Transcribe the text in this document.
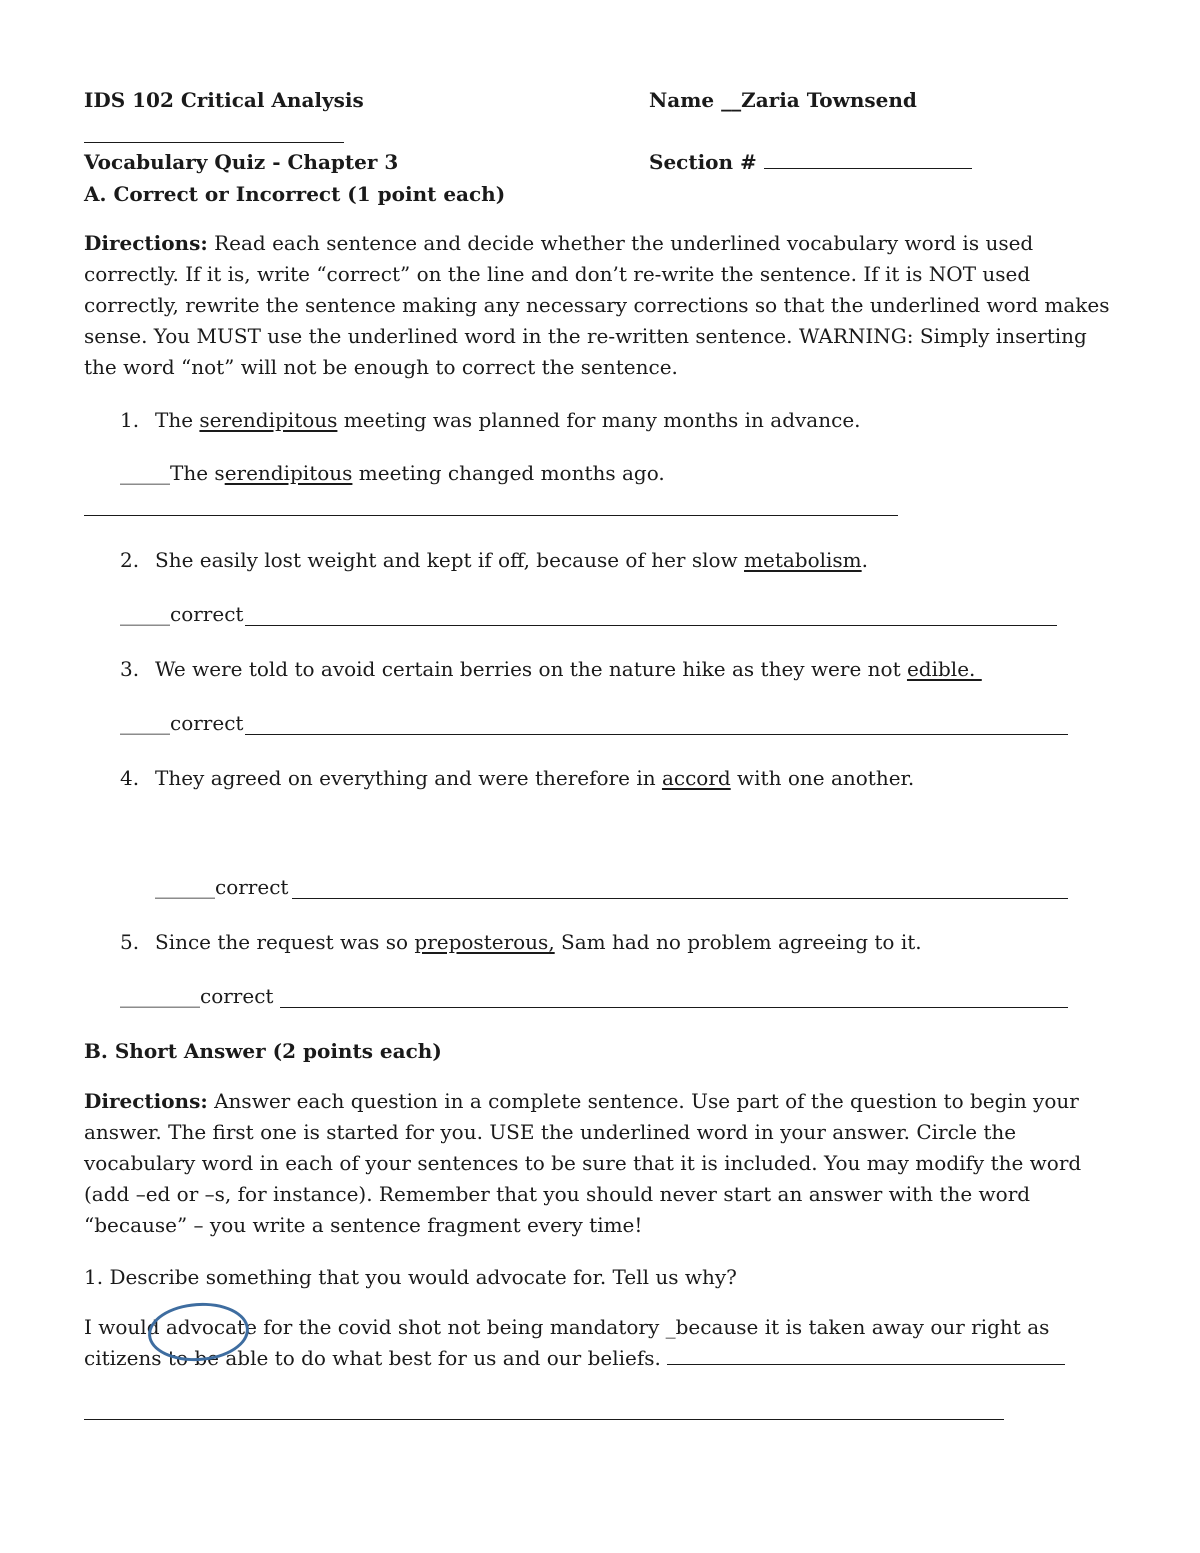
IDS 102 Critical Analysis	Name __Zaria Townsend
Vocabulary Quiz - Chapter 3	Section #
A. Correct or Incorrect (1 point each)
Directions: Read each sentence and decide whether the underlined vocabulary word is used correctly. If it is, write “correct” on the line and don’t re-write the sentence. If it is NOT used correctly, rewrite the sentence making any necessary corrections so that the underlined word makes sense. You MUST use the underlined word in the re-written sentence. WARNING: Simply inserting the word “not” will not be enough to correct the sentence.
1. The serendipitous meeting was planned for many months in advance.
_____The serendipitous meeting changed months ago.
2. She easily lost weight and kept if off, because of her slow metabolism.
_____correct
3. We were told to avoid certain berries on the nature hike as they were not edible.
_____correct
4. They agreed on everything and were therefore in accord with one another.
______correct
5. Since the request was so preposterous, Sam had no problem agreeing to it.
________correct
B. Short Answer (2 points each)
Directions: Answer each question in a complete sentence. Use part of the question to begin your answer. The first one is started for you. USE the underlined word in your answer. Circle the vocabulary word in each of your sentences to be sure that it is included. You may modify the word (add –ed or –s, for instance). Remember that you should never start an answer with the word “because” – you write a sentence fragment every time!
1. Describe something that you would advocate for. Tell us why?
I would advocate for the covid shot not being mandatory _because it is taken away our right as citizens to be able to do what best for us and our beliefs.
